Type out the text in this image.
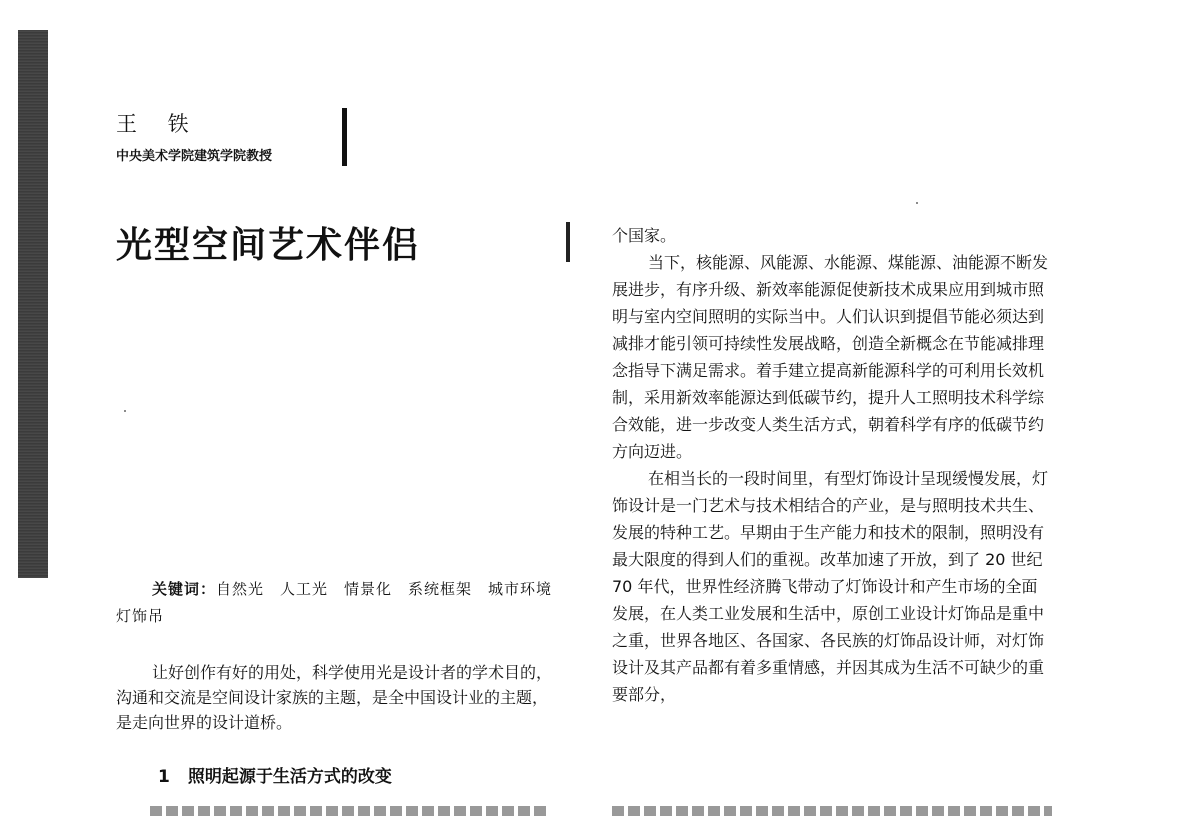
王 铁
中央美术学院建筑学院教授
光型空间艺术伴侣

关键词：自然光　人工光　情景化　系统框架　城市环境　灯饰吊

让好创作有好的用处，科学使用光是设计者的学术目的，沟通和交流是空间设计家族的主题，是全中国设计业的主题，是走向世界的设计道桥。

1 照明起源于生活方式的改变

个国家。

当下，核能源、风能源、水能源、煤能源、油能源不断发展进步，有序升级、新效率能源促使新技术成果应用到城市照明与室内空间照明的实际当中。人们认识到提倡节能必须达到减排才能引领可持续性发展战略，创造全新概念在节能减排理念指导下满足需求。着手建立提高新能源科学的可利用长效机制，采用新效率能源达到低碳节约，提升人工照明技术科学综合效能，进一步改变人类生活方式，朝着科学有序的低碳节约方向迈进。

在相当长的一段时间里，有型灯饰设计呈现缓慢发展，灯饰设计是一门艺术与技术相结合的产业，是与照明技术共生、发展的特种工艺。早期由于生产能力和技术的限制，照明没有最大限度的得到人们的重视。改革加速了开放，到了 20 世纪 70 年代，世界性经济腾飞带动了灯饰设计和产生市场的全面发展，在人类工业发展和生活中，原创工业设计灯饰品是重中之重，世界各地区、各国家、各民族的灯饰品设计师，对灯饰设计及其产品都有着多重情感，并因其成为生活不可缺少的重要部分，
